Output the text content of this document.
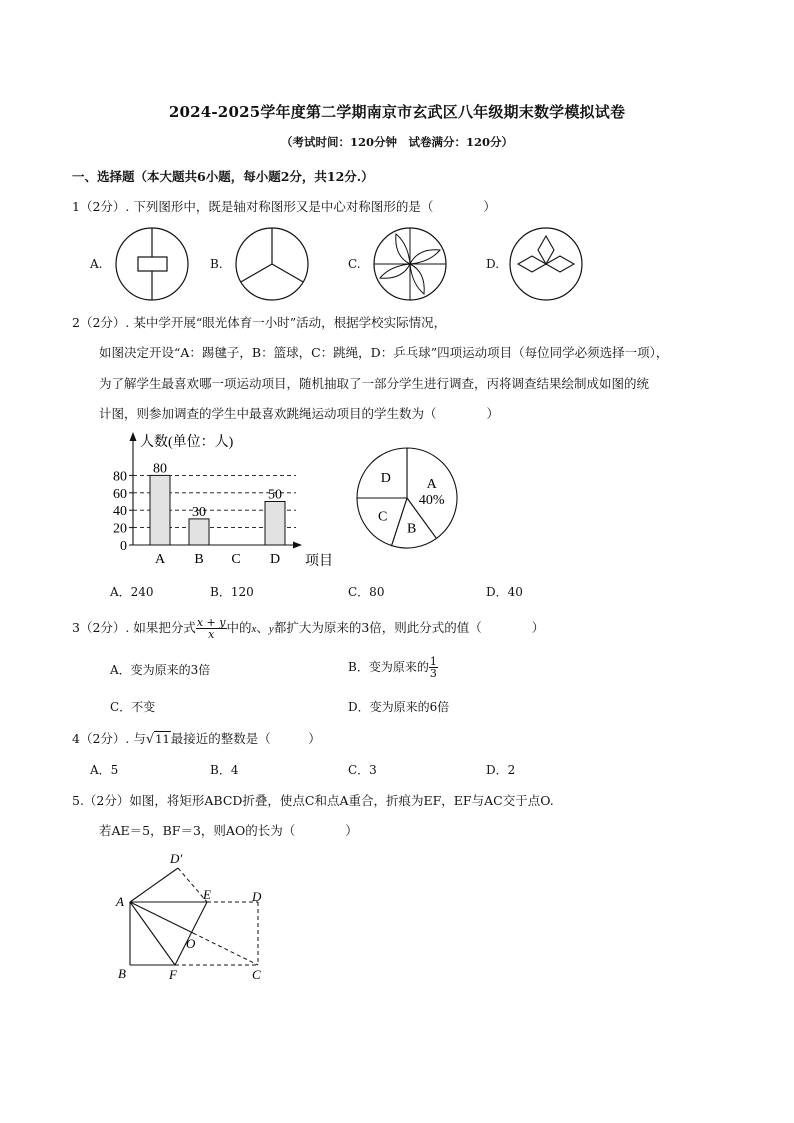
2024-2025学年度第二学期南京市玄武区八年级期末数学模拟试卷
（考试时间：120分钟　试卷满分：120分）
一、选择题（本大题共6小题，每小题2分，共12分.）
1（2分）. 下列图形中，既是轴对称图形又是中心对称图形的是（　　　　）
A.	B.	C.	D.
2（2分）. 某中学开展“眼光体育一小时”活动，根据学校实际情况，
如图决定开设“A：踢毽子，B：篮球，C：跳绳，D：乒乓球”四项运动项目（每位同学必须选择一项），
为了解学生最喜欢哪一项运动项目，随机抽取了一部分学生进行调查，丙将调查结果绘制成如图的统
计图，则参加调查的学生中最喜欢跳绳运动项目的学生数为（　　　　）
人数(单位：人)
项目
0
20
40
60
80
A B C D
80
30
50
A
40%
B
C
D
A．240	B．120	C．80	D．40
3（2分）. 如果把分式 $\frac{x + y}{x}$ 中的x、y都扩大为原来的3倍，则此分式的值（　　　　）
A．变为原来的3倍	B．变为原来的 $\frac{1}{3}$
C．不变	D．变为原来的6倍
4（2分）. 与√11最接近的整数是（　　　）
A．5	B．4	C．3	D．2
5.（2分）如图，将矩形ABCD折叠，使点C和点A重合，折痕为EF，EF与AC交于点O.
若AE＝5，BF＝3，则AO的长为（　　　　）
A
B	C
D
D′
E
F
O
